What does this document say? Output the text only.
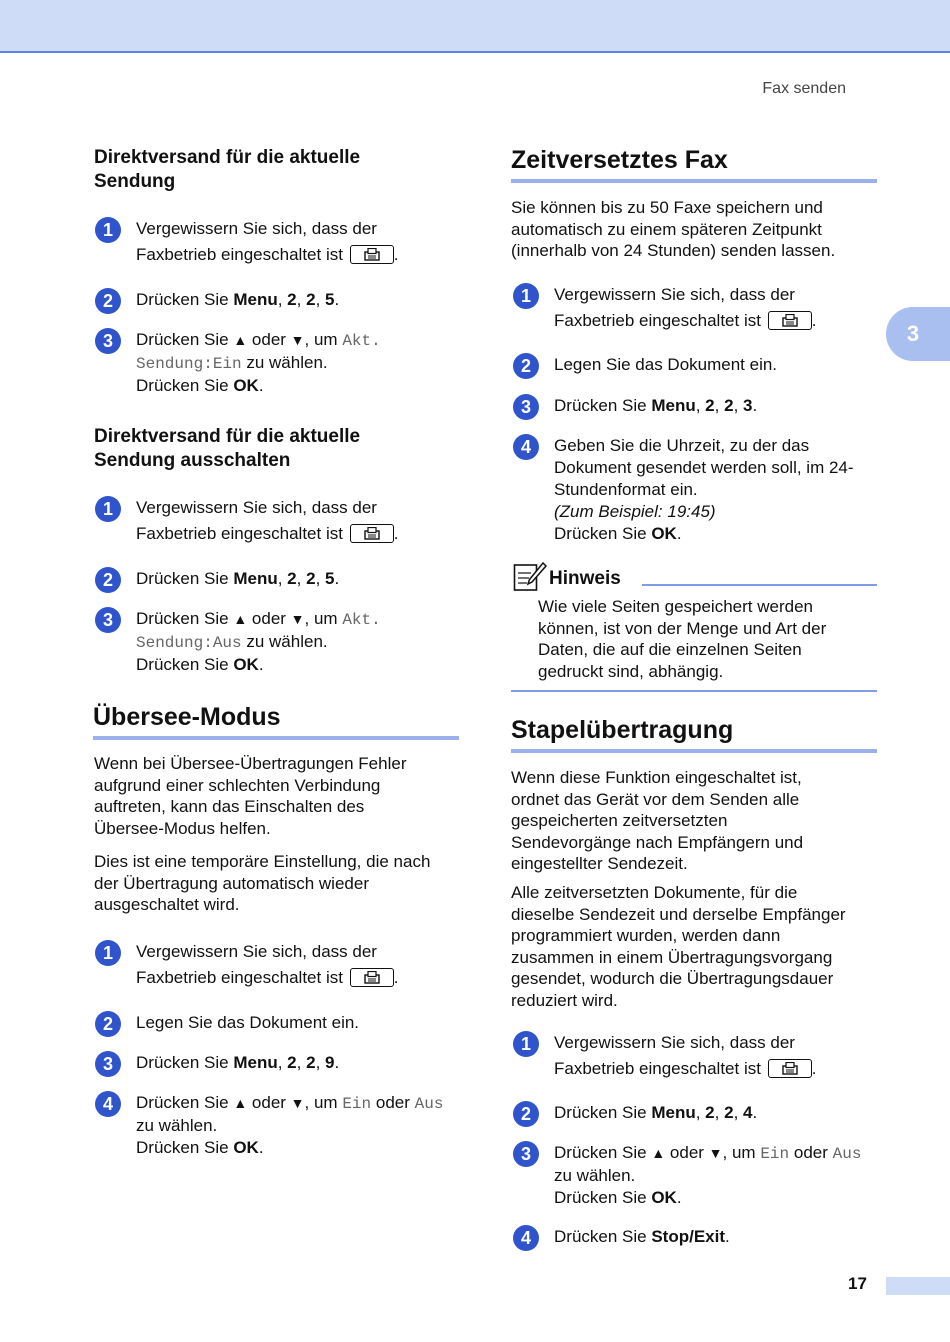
Fax senden
3
17
Direktversand für die aktuelle
Sendung
1	Vergewissern Sie sich, dass der
Faxbetrieb eingeschaltet ist	.
2	Drücken Sie Menu, 2, 2, 5.
3	Drücken Sie ▲ oder ▼, um Akt.
Sendung:Ein zu wählen.
Drücken Sie OK.
Direktversand für die aktuelle
Sendung ausschalten
1	Vergewissern Sie sich, dass der
Faxbetrieb eingeschaltet ist	.
2	Drücken Sie Menu, 2, 2, 5.
3	Drücken Sie ▲ oder ▼, um Akt.
Sendung:Aus zu wählen.
Drücken Sie OK.
Übersee-Modus
Wenn bei Übersee-Übertragungen Fehler
aufgrund einer schlechten Verbindung
auftreten, kann das Einschalten des
Übersee-Modus helfen.
Dies ist eine temporäre Einstellung, die nach
der Übertragung automatisch wieder
ausgeschaltet wird.
1	Vergewissern Sie sich, dass der
Faxbetrieb eingeschaltet ist	.
2	Legen Sie das Dokument ein.
3	Drücken Sie Menu, 2, 2, 9.
4	Drücken Sie ▲ oder ▼, um Ein oder Aus
zu wählen.
Drücken Sie OK.
Zeitversetztes Fax
Sie können bis zu 50 Faxe speichern und
automatisch zu einem späteren Zeitpunkt
(innerhalb von 24 Stunden) senden lassen.
1	Vergewissern Sie sich, dass der
Faxbetrieb eingeschaltet ist	.
2	Legen Sie das Dokument ein.
3	Drücken Sie Menu, 2, 2, 3.
4	Geben Sie die Uhrzeit, zu der das
Dokument gesendet werden soll, im 24-
Stundenformat ein.
(Zum Beispiel: 19:45)
Drücken Sie OK.
Hinweis
Wie viele Seiten gespeichert werden
können, ist von der Menge und Art der
Daten, die auf die einzelnen Seiten
gedruckt sind, abhängig.
Stapelübertragung
Wenn diese Funktion eingeschaltet ist,
ordnet das Gerät vor dem Senden alle
gespeicherten zeitversetzten
Sendevorgänge nach Empfängern und
eingestellter Sendezeit.
Alle zeitversetzten Dokumente, für die
dieselbe Sendezeit und derselbe Empfänger
programmiert wurden, werden dann
zusammen in einem Übertragungsvorgang
gesendet, wodurch die Übertragungsdauer
reduziert wird.
1	Vergewissern Sie sich, dass der
Faxbetrieb eingeschaltet ist	.
2	Drücken Sie Menu, 2, 2, 4.
3	Drücken Sie ▲ oder ▼, um Ein oder Aus
zu wählen.
Drücken Sie OK.
4	Drücken Sie Stop/Exit.
